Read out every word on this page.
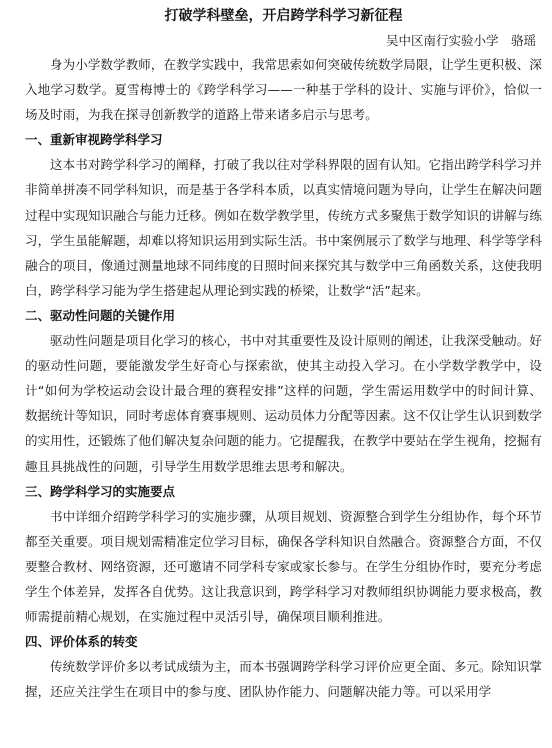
打破学科壁垒，开启跨学科学习新征程

吴中区南行实验小学　骆瑶

身为小学数学教师，在教学实践中，我常思索如何突破传统数学局限，让学生更积极、深入地学习数学。夏雪梅博士的《跨学科学习——一种基于学科的设计、实施与评价》，恰似一场及时雨，为我在探寻创新教学的道路上带来诸多启示与思考。

一、重新审视跨学科学习

这本书对跨学科学习的阐释，打破了我以往对学科界限的固有认知。它指出跨学科学习并非简单拼凑不同学科知识，而是基于各学科本质，以真实情境问题为导向，让学生在解决问题过程中实现知识融合与能力迁移。例如在数学教学里，传统方式多聚焦于数学知识的讲解与练习，学生虽能解题，却难以将知识运用到实际生活。书中案例展示了数学与地理、科学等学科融合的项目，像通过测量地球不同纬度的日照时间来探究其与数学中三角函数关系，这使我明白，跨学科学习能为学生搭建起从理论到实践的桥梁，让数学“活”起来。

二、驱动性问题的关键作用

驱动性问题是项目化学习的核心，书中对其重要性及设计原则的阐述，让我深受触动。好的驱动性问题，要能激发学生好奇心与探索欲，使其主动投入学习。在小学数学教学中，设计“如何为学校运动会设计最合理的赛程安排”这样的问题，学生需运用数学中的时间计算、数据统计等知识，同时考虑体育赛事规则、运动员体力分配等因素。这不仅让学生认识到数学的实用性，还锻炼了他们解决复杂问题的能力。它提醒我，在教学中要站在学生视角，挖掘有趣且具挑战性的问题，引导学生用数学思维去思考和解决。

三、跨学科学习的实施要点

书中详细介绍跨学科学习的实施步骤，从项目规划、资源整合到学生分组协作，每个环节都至关重要。项目规划需精准定位学习目标，确保各学科知识自然融合。资源整合方面，不仅要整合教材、网络资源，还可邀请不同学科专家或家长参与。在学生分组协作时，要充分考虑学生个体差异，发挥各自优势。这让我意识到，跨学科学习对教师组织协调能力要求极高，教师需提前精心规划，在实施过程中灵活引导，确保项目顺利推进。

四、评价体系的转变

传统数学评价多以考试成绩为主，而本书强调跨学科学习评价应更全面、多元。除知识掌握，还应关注学生在项目中的参与度、团队协作能力、问题解决能力等。可以采用学
